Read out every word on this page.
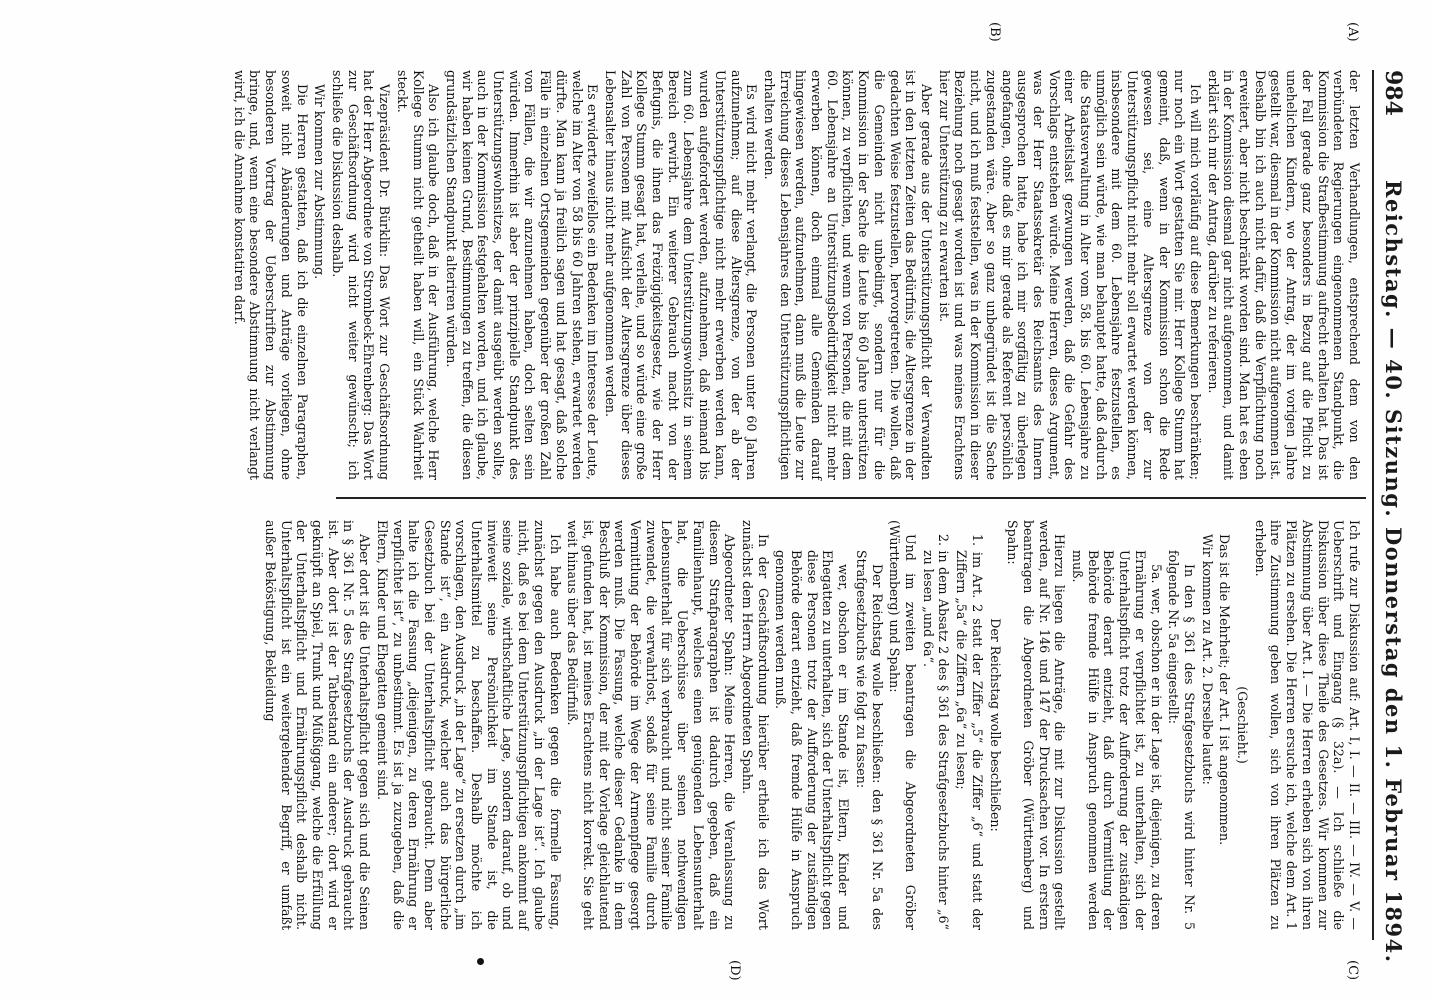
984
Reichstag. — 40. Sitzung. Donnerstag den 1. Februar 1894.
(A)
(B)
(C)
(D)

der letzten Verhandlungen, entsprechend dem von den verbündeten Regierungen eingenommenen Standpunkt, die Kommission die Strafbestimmung aufrecht erhalten hat. Das ist der Fall gerade ganz besonders in Bezug auf die Pflicht zu unehelichen Kindern, wo der Antrag, der im vorigen Jahre gestellt war, diesmal in der Kommission nicht aufgenommen ist. Deshalb bin ich auch nicht dafür, daß die Verpflichtung noch erweitert, aber nicht beschränkt worden sind. Man hat es eben in der Kommission diesmal gar nicht aufgenommen, und damit erklärt sich mir der Antrag, darüber zu referieren.

Ich will mich vorläufig auf diese Bemerkungen beschränken; nur noch ein Wort gestatten Sie mir. Herr Kollege Stumm hat gemeint, daß, wenn in der Kommission schon die Rede gewesen sei, eine Altersgrenze von der zur Unterstützungspflicht nicht mehr soll erwartet werden können, insbesondere mit dem 60. Lebensjahre festzustellen, es unmöglich sein würde, wie man behauptet hatte, daß dadurch die Staatsverwaltung in Alter vom 58. bis 60. Lebensjahre zu einer Arbeitslast gezwungen werden, daß die Gefahr des Vorschlags entstehen würde. Meine Herren, dieses Argument, was der Herr Staatssekretär des Reichsamts des Innern ausgesprochen hatte, habe ich mir sorgfältig zu überlegen angefangen, ohne daß es mir gerade als Referent persönlich zugestanden wäre. Aber so ganz unbegründet ist die Sache nicht, und ich muß feststellen, was in der Kommission in dieser Beziehung noch gesagt worden ist und was meines Erachtens hier zur Unterstützung zu erwarten ist.

Aber gerade aus der Unterstützungspflicht der Verwandten ist in den letzten Zeiten das Bedürfnis, die Altersgrenze in der gedachten Weise festzustellen, hervorgetreten. Die wollen, daß die Gemeinden nicht unbedingt, sondern nur für die Kommission in der Sache die Leute bis 60 Jahre unterstützen können, zu verpflichten, und wenn von Personen, die mit dem 60. Lebensjahre an Unterstützungsbedürftigkeit nicht mehr erwerben können, doch einmal alle Gemeinden darauf hingewiesen werden, aufzunehmen, dann muß die Leute zur Erreichung dieses Lebensjahres den Unterstützungspflichtigen erhalten werden.

Es wird nicht mehr verlangt, die Personen unter 60 Jahren aufzunehmen; auf diese Altersgrenze, von der ab der Unterstützungspflichtige nicht mehr erwerben werden kann, wurden aufgefordert werden, aufzunehmen, daß niemand bis zum 60. Lebensjahre dem Unterstützungswohnsitz in seinem Bereich erwirbt. Ein weiterer Gebrauch macht von der Befugnis, die ihnen das Freizügigkeitsgesetz, wie der Herr Kollege Stumm gesagt hat, verleihe, und so würde eine große Zahl von Personen mit Aufsicht der Altersgrenze über dieses Lebensalter hinaus nicht mehr aufgenommen werden.

Es erwiderte zweifellos ein Bedenken im Interesse der Leute, welche im Alter von 58 bis 60 Jahren stehen, erwartet werden dürfte. Man kann ja freilich sagen und hat gesagt, daß solche Fälle in einzelnen Ortsgemeinden gegenüber der großen Zahl von Fällen, die wir anzunehmen haben, doch selten sein würden. Immerhin ist aber der prinzipielle Standpunkt des Unterstützungswohnsitzes, der damit ausgeübt werden sollte, auch in der Kommission festgehalten worden, und ich glaube, wir haben keinen Grund, Bestimmungen zu treffen, die diesen grundsätzlichen Standpunkt alteriren würden.

Also ich glaube doch, daß in der Ausführung, welche Herr Kollege Stumm nicht getheilt haben will, ein Stück Wahrheit steckt.

Vizepräsident Dr. Bürklin: Das Wort zur Geschäftsordnung hat der Herr Abgeordnete von Strombeck-Ehrenberg: Das Wort zur Geschäftsordnung wird nicht weiter gewünscht; ich schließe die Diskussion deshalb.

Wir kommen zur Abstimmung.

Die Herren gestatten, daß ich die einzelnen Paragraphen, soweit nicht Abänderungen und Anträge vorliegen, ohne besonderen Vortrag der Ueberschriften zur Abstimmung bringe, und, wenn eine besondere Abstimmung nicht verlangt wird, ich die Annahme konstatiren darf.

Ich rufe zur Diskussion auf: Art. I, I. — II. — III. — IV. — V. — Ueberschrift und Eingang (§ 32a). — Ich schließe die Diskussion über diese Theile des Gesetzes. Wir kommen zur Abstimmung über Art. I. — Die Herren erheben sich von ihren Plätzen zu ersehen. Die Herren ersuche ich, welche dem Art. 1 ihre Zustimmung geben wollen, sich von ihren Plätzen zu erheben.

(Geschieht.)

Das ist die Mehrheit; der Art. I ist angenommen.

Wir kommen zu Art. 2. Derselbe lautet:

In den § 361 des Strafgesetzbuchs wird hinter Nr. 5 folgende Nr. 5a eingestellt:

5a. wer, obschon er in der Lage ist, diejenigen, zu deren Ernährung er verpflichtet ist, zu unterhalten, sich der Unterhaltspflicht trotz der Aufforderung der zuständigen Behörde derart entzieht, daß durch Vermittlung der Behörde fremde Hülfe in Anspruch genommen werden muß.

Hierzu liegen die Anträge, die mit zur Diskussion gestellt werden, auf Nr. 146 und 147 der Drucksachen vor. In erstern beantragen die Abgeordneten Gröber (Württemberg) und Spahn:

Der Reichstag wolle beschließen:

1. im Art. 2 statt der Ziffer „5“ die Ziffer „6“ und statt der Ziffern „5a“ die Ziffern „6a“ zu lesen;

2. in dem Absatz 2 des § 361 des Strafgesetzbuchs hinter „6“ zu lesen „und 6a“.

Und im zweiten beantragen die Abgeordneten Gröber (Württemberg) und Spahn:

Der Reichstag wolle beschließen: den § 361 Nr. 5a des Strafgesetzbuchs wie folgt zu fassen:

wer, obschon er im Stande ist, Eltern, Kinder und Ehegatten zu unterhalten, sich der Unterhaltspflicht gegen diese Personen trotz der Aufforderung der zuständigen Behörde derart entzieht, daß fremde Hülfe in Anspruch genommen werden muß.

In der Geschäftsordnung hierüber ertheile ich das Wort zunächst dem Herrn Abgeordneten Spahn.

Abgeordneter Spahn: Meine Herren, die Veranlassung zu diesem Strafparagraphen ist dadurch gegeben, daß ein Familienhaupt, welches einen genügenden Lebensunterhalt hat, die Ueberschüsse über seinen nothwendigen Lebensunterhalt für sich verbraucht und nicht seiner Familie zuwendet, die verwahrlost, sodaß für seine Familie durch Vermittlung der Behörde im Wege der Armenpflege gesorgt werden muß. Die Fassung, welche dieser Gedanke in dem Beschluß der Kommission, der mit der Vorlage gleichlautend ist, gefunden hat, ist meines Erachtens nicht korrekt. Sie geht weit hinaus über das Bedürfniß.

Ich habe auch Bedenken gegen die formelle Fassung, zunächst gegen den Ausdruck „in der Lage ist“. Ich glaube nicht, daß es bei dem Unterstützungspflichtigen ankommt auf seine soziale, wirthschaftliche Lage, sondern darauf, ob und inwieweit seine Persönlichkeit im Stande ist, die Unterhaltsmittel zu beschaffen. Deshalb möchte ich vorschlagen, den Ausdruck „in der Lage“ zu ersetzen durch „im Stande ist“, ein Ausdruck, welcher auch das bürgerliche Gesetzbuch bei der Unterhaltspflicht gebraucht. Denn aber halte ich die Fassung „diejenigen, zu deren Ernährung er verpflichtet ist“, zu unbestimmt. Es ist ja zuzugeben, daß die Eltern, Kinder und Ehegatten gemeint sind.

Aber dort ist die Unterhaltspflicht gegen sich und die Seinen in § 361 Nr. 5 des Strafgesetzbuchs der Ausdruck gebraucht ist. Aber dort ist der Tatbestand ein anderer; dort wird er geknüpft an Spiel, Trunk und Müßiggang, welche die Erfüllung der Unterhaltspflicht und Ernährungspflicht deshalb nicht. Unterhaltspflicht ist ein weitergehender Begriff, er umfaßt außer Beköstigung, Bekleidung
